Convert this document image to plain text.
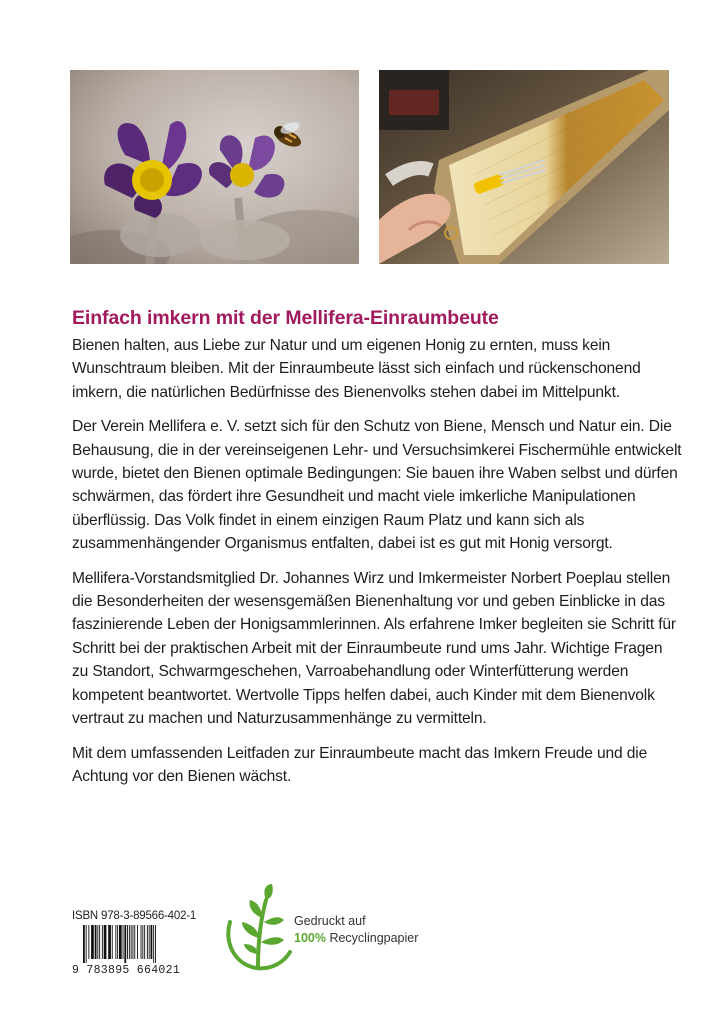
Einfach imkern mit der Mellifera-Einraumbeute

Bienen halten, aus Liebe zur Natur und um eigenen Honig zu ernten, muss kein Wunschtraum bleiben. Mit der Einraumbeute lässt sich einfach und rückenschonend imkern, die natürlichen Bedürfnisse des Bienenvolks stehen dabei im Mittelpunkt.

Der Verein Mellifera e. V. setzt sich für den Schutz von Biene, Mensch und Natur ein. Die Behausung, die in der vereinseigenen Lehr- und Versuchsimkerei Fischermühle entwickelt wurde, bietet den Bienen optimale Bedingungen: Sie bauen ihre Waben selbst und dürfen schwärmen, das fördert ihre Gesundheit und macht viele imkerliche Manipulationen überflüssig. Das Volk findet in einem einzigen Raum Platz und kann sich als zusammenhängender Organismus entfalten, dabei ist es gut mit Honig versorgt.

Mellifera-Vorstandsmitglied Dr. Johannes Wirz und Imkermeister Norbert Poeplau stellen die Besonderheiten der wesensgemäßen Bienenhaltung vor und geben Einblicke in das faszinierende Leben der Honigsammlerinnen. Als erfahrene Imker begleiten sie Schritt für Schritt bei der praktischen Arbeit mit der Einraumbeute rund ums Jahr. Wichtige Fragen zu Standort, Schwarmgeschehen, Varroabehandlung oder Winterfütterung werden kompetent beantwortet. Wertvolle Tipps helfen dabei, auch Kinder mit dem Bienenvolk vertraut zu machen und Naturzusammenhänge zu vermitteln.

Mit dem umfassenden Leitfaden zur Einraumbeute macht das Imkern Freude und die Achtung vor den Bienen wächst.

ISBN 978-3-89566-402-1
9 783895 664021
Gedruckt auf
100% Recyclingpapier
